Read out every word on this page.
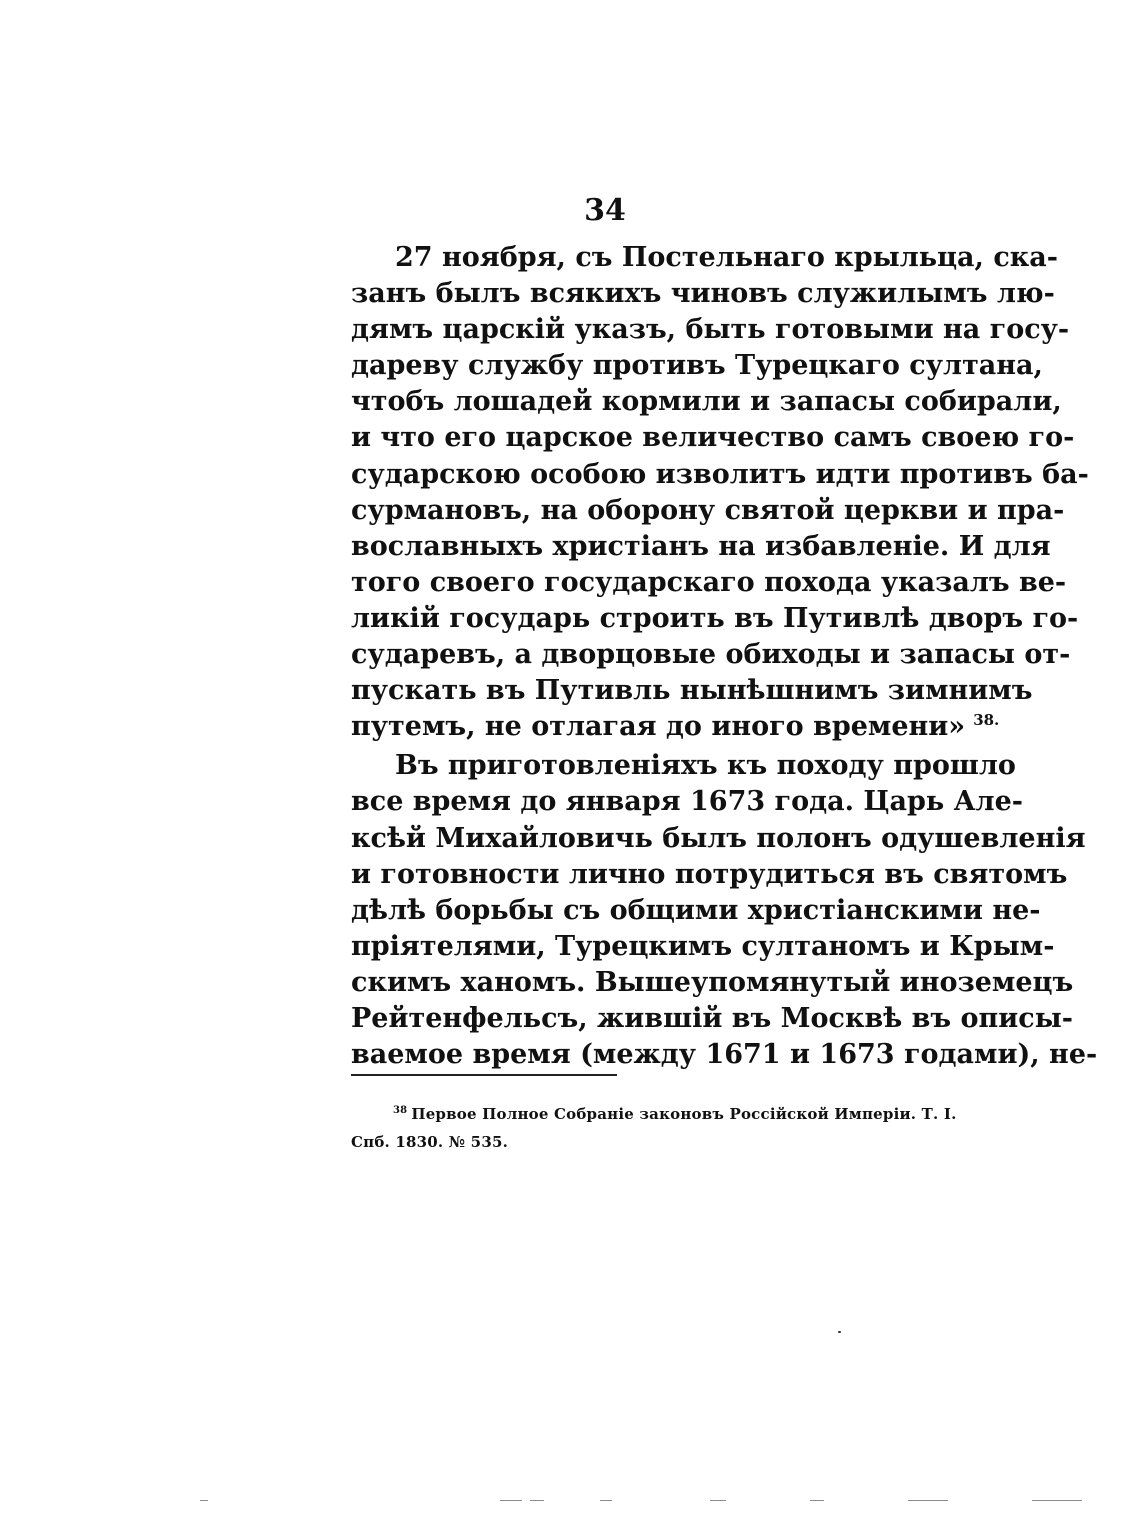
34
27 ноября, съ Постельнаго крыльца, ска-
занъ былъ всякихъ чиновъ служилымъ лю-
дямъ царскій указъ, быть готовыми на госу-
дареву службу противъ Турецкаго султана,
чтобъ лошадей кормили и запасы собирали,
и что его царское величество самъ своею го-
сударскою особою изволитъ идти противъ ба-
сурмановъ, на оборону святой церкви и пра-
вославныхъ христіанъ на избавленіе. И для
того своего государскаго похода указалъ ве-
ликій государь строить въ Путивлѣ дворъ го-
сударевъ, а дворцовые обиходы и запасы от-
пускать въ Путивль нынѣшнимъ зимнимъ
путемъ, не отлагая до иного времени» $^{38.}$
Въ приготовленіяхъ къ походу прошло
все время до января 1673 года. Царь Але-
ксѣй Михайловичь былъ полонъ одушевленія
и готовности лично потрудиться въ святомъ
дѣлѣ борьбы съ общими христіанскими не-
пріятелями, Турецкимъ султаномъ и Крым-
скимъ ханомъ. Вышеупомянутый иноземецъ
Рейтенфельсъ, жившій въ Москвѣ въ описы-
ваемое время (между 1671 и 1673 годами), не-
$^{38}$ Первое Полное Собраніе законовъ Россійской Имперіи. Т. I.
Спб. 1830. № 535.
